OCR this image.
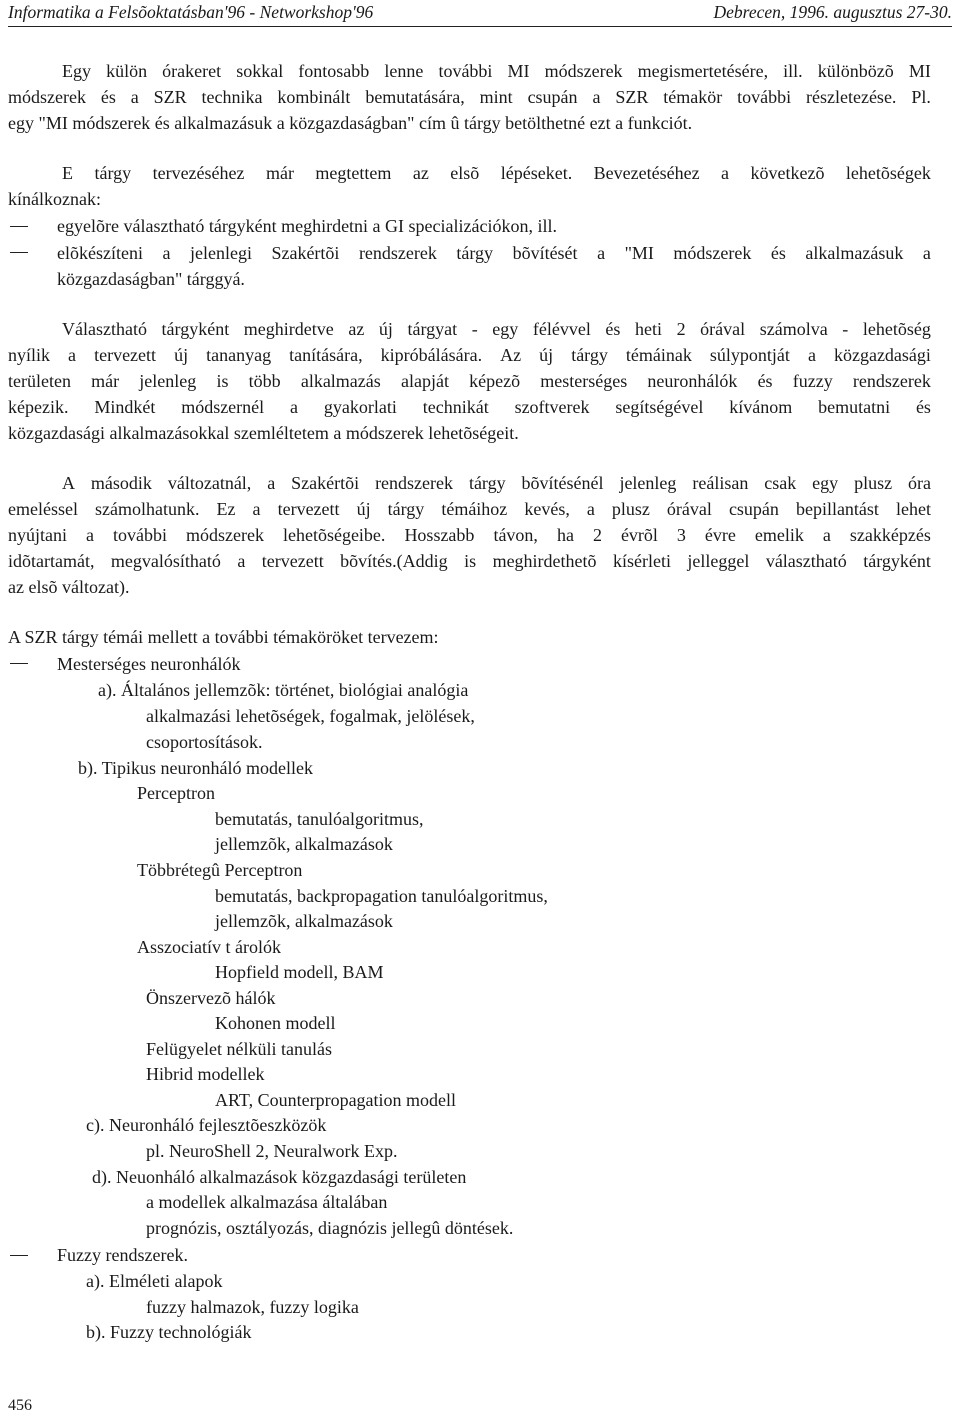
Informatika a Felsõoktatásban'96 - Networkshop'96	Debrecen, 1996. augusztus 27-30.
Egy külön órakeret sokkal fontosabb lenne további MI módszerek megismertetésére, ill. különbözõ MI
módszerek és a SZR technika kombinált bemutatására, mint csupán a SZR témakör további részletezése. Pl.
egy "MI módszerek és alkalmazásuk a közgazdaságban" cím û tárgy betölthetné ezt a funkciót.
E tárgy tervezéséhez már megtettem az elsõ lépéseket. Bevezetéséhez a következõ lehetõségek
kínálkoznak:
egyelõre választható tárgyként meghirdetni a GI specializációkon, ill.
elõkészíteni a jelenlegi Szakértõi rendszerek tárgy bõvítését a "MI módszerek és alkalmazásuk a
közgazdaságban" tárggyá.
Választható tárgyként meghirdetve az új tárgyat - egy félévvel és heti 2 órával számolva - lehetõség
nyílik a tervezett új tananyag tanítására, kipróbálására. Az új tárgy témáinak súlypontját a közgazdasági
területen már jelenleg is több alkalmazás alapját képezõ mesterséges neuronhálók és fuzzy rendszerek
képezik. Mindkét módszernél a gyakorlati technikát szoftverek segítségével kívánom bemutatni és
közgazdasági alkalmazásokkal szemléltetem a módszerek lehetõségeit.
A második változatnál, a Szakértõi rendszerek tárgy bõvítésénél jelenleg reálisan csak egy plusz óra
emeléssel számolhatunk. Ez a tervezett új tárgy témáihoz kevés, a plusz órával csupán bepillantást lehet
nyújtani a további módszerek lehetõségeibe. Hosszabb távon, ha 2 évrõl 3 évre emelik a szakképzés
idõtartamát, megvalósítható a tervezett bõvítés.(Addig is meghirdethetõ kísérleti jelleggel választható tárgyként
az elsõ változat).
A SZR tárgy témái mellett a további témaköröket tervezem:
Mesterséges neuronhálók
a). Általános jellemzõk: történet, biológiai analógia
alkalmazási lehetõségek, fogalmak, jelölések,
csoportosítások.
b). Tipikus neuronháló modellek
Perceptron
bemutatás, tanulóalgoritmus,
jellemzõk, alkalmazások
Többrétegû Perceptron
bemutatás, backpropagation tanulóalgoritmus,
jellemzõk, alkalmazások
Asszociatív t árolók
Hopfield modell, BAM
Önszervezõ hálók
Kohonen modell
Felügyelet nélküli tanulás
Hibrid modellek
ART, Counterpropagation modell
c). Neuronháló fejlesztõeszközök
pl. NeuroShell 2, Neuralwork Exp.
d). Neuonháló alkalmazások közgazdasági területen
a modellek alkalmazása általában
prognózis, osztályozás, diagnózis jellegû döntések.
Fuzzy rendszerek.
a). Elméleti alapok
fuzzy halmazok, fuzzy logika
b). Fuzzy technológiák
456
